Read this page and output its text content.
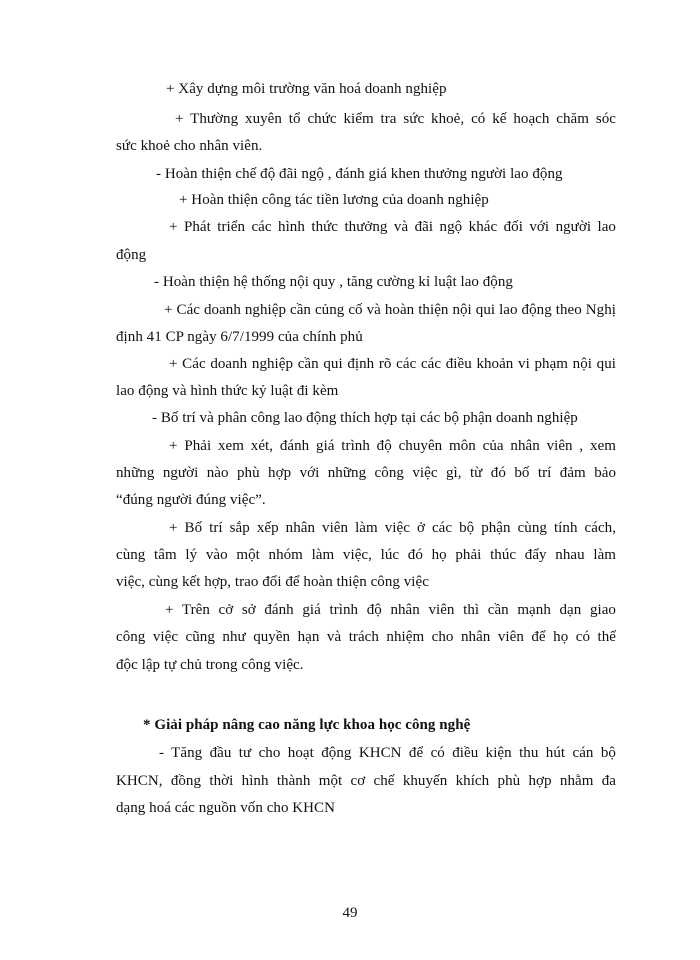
+ Xây dựng môi trường văn hoá doanh nghiệp
+ Thường xuyên tổ chức kiểm tra sức khoẻ, có kế hoạch chăm sóc
sức khoẻ cho nhân viên.
- Hoàn thiện chế độ đãi ngộ , đánh giá khen thưởng người lao động
+ Hoàn thiện công tác tiền lương của doanh nghiệp
+ Phát triển các hình thức thưởng và đãi ngộ khác đối với người lao
động
- Hoàn thiện hệ thống nội quy , tăng cường kỉ luật lao động
+ Các doanh nghiệp cần củng cố và hoàn thiện nội qui lao động theo Nghị
định 41 CP ngày 6/7/1999 của chính phủ
+ Các doanh nghiệp cần qui định rõ các các điều khoản vi phạm nội qui
lao động và hình thức kỷ luật đi kèm
- Bố trí và phân công lao động thích hợp tại các bộ phận doanh nghiệp
+ Phải xem xét, đánh giá trình độ chuyên môn của nhân viên , xem
những người nào phù hợp với những công việc gì, từ đó bố trí đảm bảo
“đúng người đúng việc”.
+ Bố trí sắp xếp nhân viên làm việc ở các bộ phận cùng tính cách,
cùng tâm lý vào một nhóm làm việc, lúc đó họ phải thúc đẩy nhau làm
việc, cùng kết hợp, trao đổi để hoàn thiện công việc
+ Trên cở sở đánh giá trình độ nhân viên thì cần mạnh dạn giao
công việc cũng như quyền hạn và trách nhiệm cho nhân viên để họ có thể
độc lập tự chủ trong công việc.
* Giải pháp nâng cao năng lực khoa học công nghệ
- Tăng đầu tư cho hoạt động KHCN để có điều kiện thu hút cán bộ
KHCN, đồng thời hình thành một cơ chế khuyến khích phù hợp nhằm đa
dạng hoá các nguồn vốn cho KHCN
49
